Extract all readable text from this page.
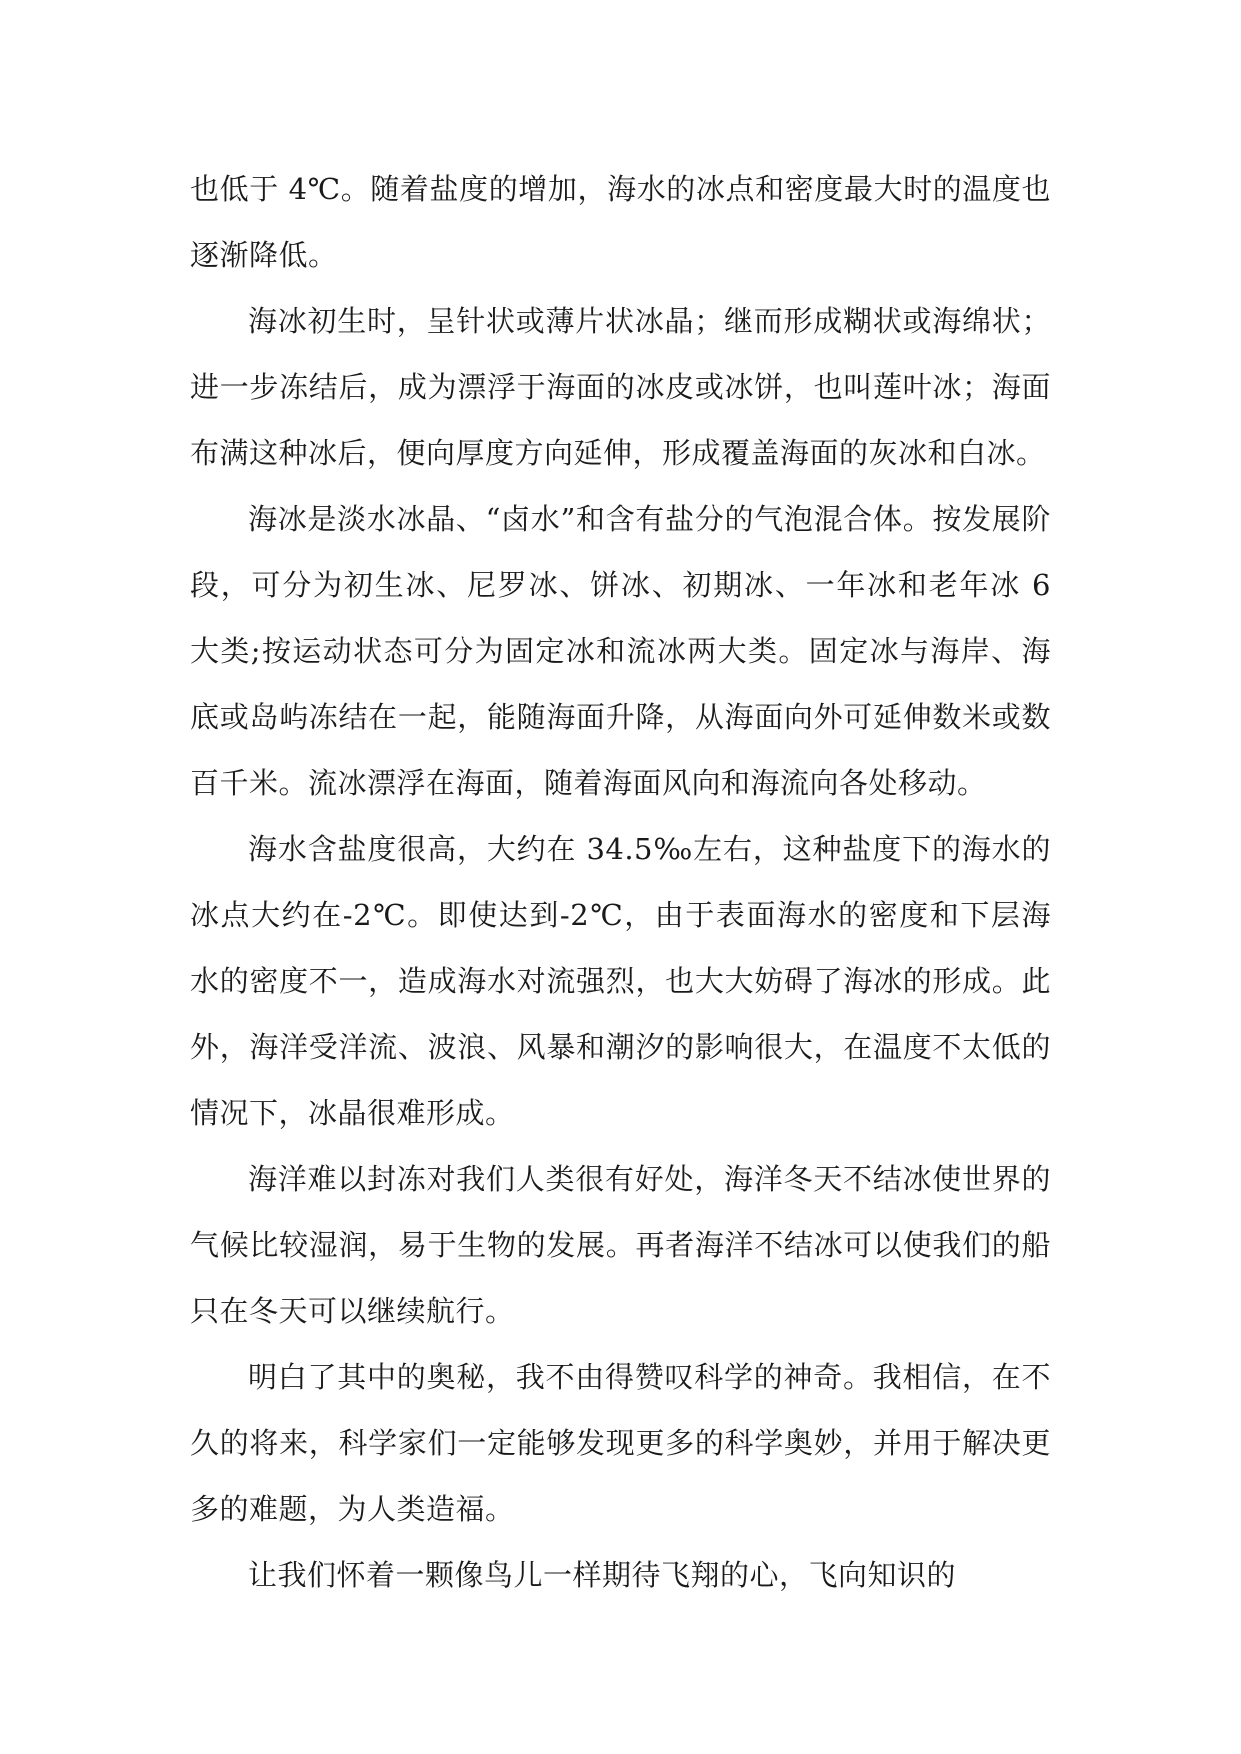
也低于 4℃。随着盐度的增加，海水的冰点和密度最大时的温度也逐渐降低。

海冰初生时，呈针状或薄片状冰晶；继而形成糊状或海绵状；进一步冻结后，成为漂浮于海面的冰皮或冰饼，也叫莲叶冰；海面布满这种冰后，便向厚度方向延伸，形成覆盖海面的灰冰和白冰。

海冰是淡水冰晶、“卤水”和含有盐分的气泡混合体。按发展阶段，可分为初生冰、尼罗冰、饼冰、初期冰、一年冰和老年冰 6 大类;按运动状态可分为固定冰和流冰两大类。固定冰与海岸、海底或岛屿冻结在一起，能随海面升降，从海面向外可延伸数米或数百千米。流冰漂浮在海面，随着海面风向和海流向各处移动。

海水含盐度很高，大约在 34.5‰左右，这种盐度下的海水的冰点大约在-2℃。即使达到-2℃，由于表面海水的密度和下层海水的密度不一，造成海水对流强烈，也大大妨碍了海冰的形成。此外，海洋受洋流、波浪、风暴和潮汐的影响很大，在温度不太低的情况下，冰晶很难形成。

海洋难以封冻对我们人类很有好处，海洋冬天不结冰使世界的气候比较湿润，易于生物的发展。再者海洋不结冰可以使我们的船只在冬天可以继续航行。

明白了其中的奥秘，我不由得赞叹科学的神奇。我相信，在不久的将来，科学家们一定能够发现更多的科学奥妙，并用于解决更多的难题，为人类造福。

让我们怀着一颗像鸟儿一样期待飞翔的心，飞向知识的
